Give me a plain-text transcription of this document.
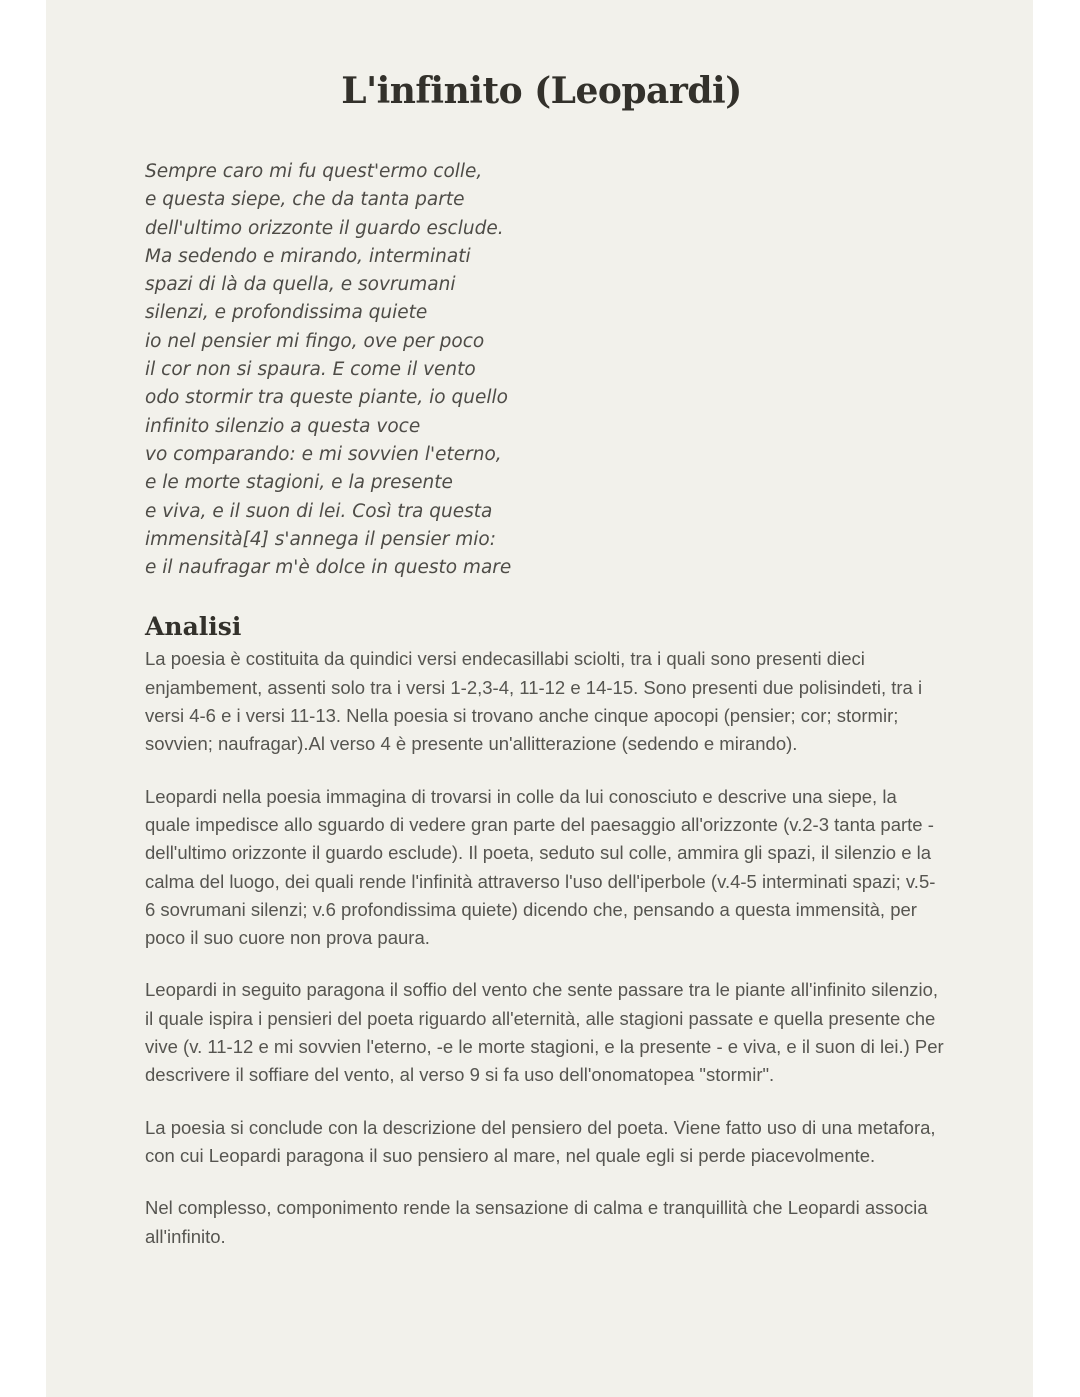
L'infinito (Leopardi)
Sempre caro mi fu quest'ermo colle,
e questa siepe, che da tanta parte
dell'ultimo orizzonte il guardo esclude.
Ma sedendo e mirando, interminati
spazi di là da quella, e sovrumani
silenzi, e profondissima quiete
io nel pensier mi fingo, ove per poco
il cor non si spaura. E come il vento
odo stormir tra queste piante, io quello
infinito silenzio a questa voce
vo comparando: e mi sovvien l'eterno,
e le morte stagioni, e la presente
e viva, e il suon di lei. Così tra questa
immensità[4] s'annega il pensier mio:
e il naufragar m'è dolce in questo mare
Analisi

La poesia è costituita da quindici versi endecasillabi sciolti, tra i quali sono presenti dieci enjambement, assenti solo tra i versi 1-2,3-4, 11-12 e 14-15. Sono presenti due polisindeti, tra i versi 4-6 e i versi 11-13. Nella poesia si trovano anche cinque apocopi (pensier; cor; stormir; sovvien; naufragar).Al verso 4 è presente un'allitterazione (sedendo e mirando).

Leopardi nella poesia immagina di trovarsi in colle da lui conosciuto e descrive una siepe, la quale impedisce allo sguardo di vedere gran parte del paesaggio all'orizzonte (v.2-3 tanta parte - dell'ultimo orizzonte il guardo esclude). Il poeta, seduto sul colle, ammira gli spazi, il silenzio e la calma del luogo, dei quali rende l'infinità attraverso l'uso dell'iperbole (v.4-5 interminati spazi; v.5-6 sovrumani silenzi; v.6 profondissima quiete) dicendo che, pensando a questa immensità, per poco il suo cuore non prova paura.

Leopardi in seguito paragona il soffio del vento che sente passare tra le piante all'infinito silenzio, il quale ispira i pensieri del poeta riguardo all'eternità, alle stagioni passate e quella presente che vive (v. 11-12 e mi sovvien l'eterno, -e le morte stagioni, e la presente - e viva, e il suon di lei.) Per descrivere il soffiare del vento, al verso 9 si fa uso dell'onomatopea "stormir".

La poesia si conclude con la descrizione del pensiero del poeta. Viene fatto uso di una metafora, con cui Leopardi paragona il suo pensiero al mare, nel quale egli si perde piacevolmente.

Nel complesso, componimento rende la sensazione di calma e tranquillità che Leopardi associa all'infinito.
